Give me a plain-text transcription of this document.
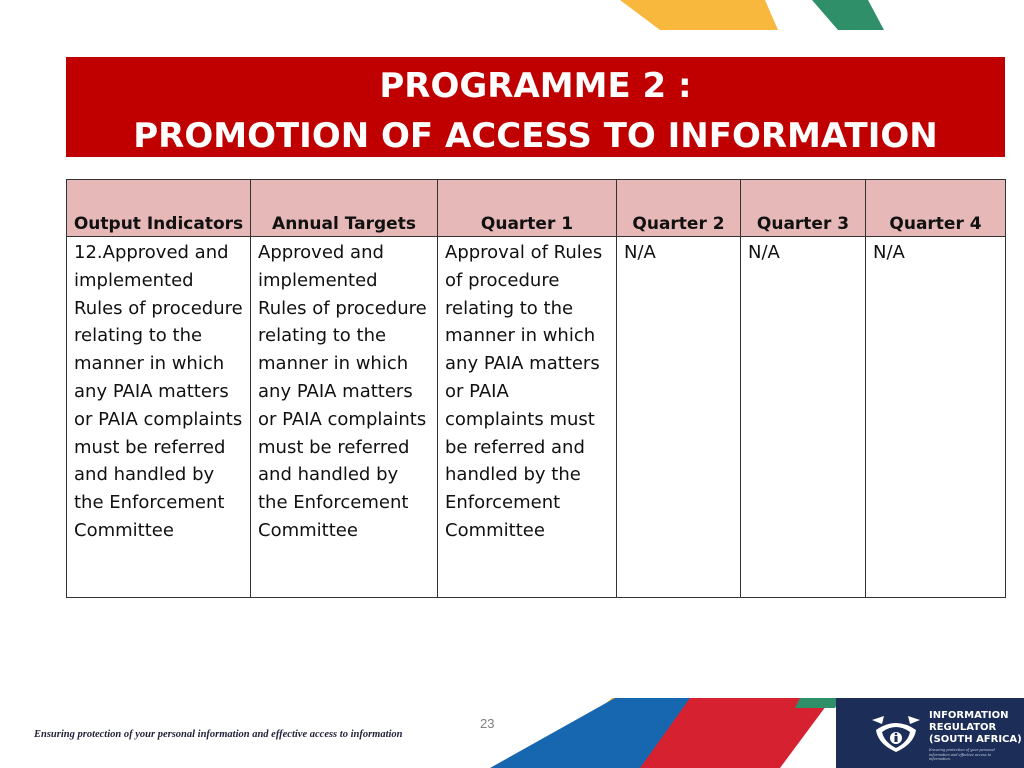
PROGRAMME 2 :
PROMOTION OF ACCESS TO INFORMATION
Output Indicators	Annual Targets	Quarter 1	Quarter 2	Quarter 3	Quarter 4
12.Approved and implemented Rules of procedure relating to the manner in which any PAIA matters or PAIA complaints must be referred and handled by the Enforcement Committee	Approved and implemented Rules of procedure relating to the manner in which any PAIA matters or PAIA complaints must be referred and handled by the Enforcement Committee	Approval of Rules of procedure relating to the manner in which any PAIA matters or PAIA complaints must be referred and handled by the Enforcement Committee	N/A	N/A	N/A
INFORMATION
REGULATOR
(SOUTH AFRICA)
Ensuring protection of your personal information and effective access to information.
23
Ensuring protection of your personal information and effective access to information
